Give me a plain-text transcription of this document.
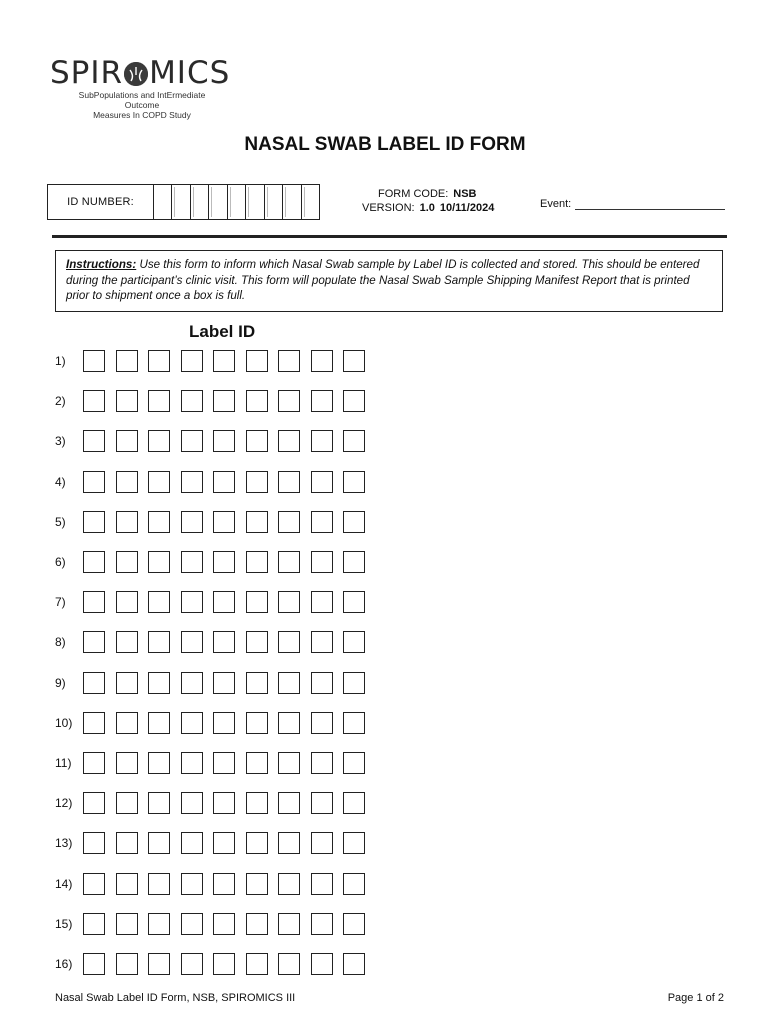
SPIR MICS
SubPopulations and IntErmediate Outcome
Measures In COPD Study
NASAL SWAB LABEL ID FORM
ID NUMBER:
FORM CODE: NSB
VERSION: 1.0 10/11/2024	Event:
Instructions: Use this form to inform which Nasal Swab sample by Label ID is collected and stored. This should be entered during the participant’s clinic visit. This form will populate the Nasal Swab Sample Shipping Manifest Report that is printed prior to shipment once a box is full.
Label ID
1)
2)
3)
4)
5)
6)
7)
8)
9)
10)
11)
12)
13)
14)
15)
16)
Nasal Swab Label ID Form, NSB, SPIROMICS III	Page 1 of 2
